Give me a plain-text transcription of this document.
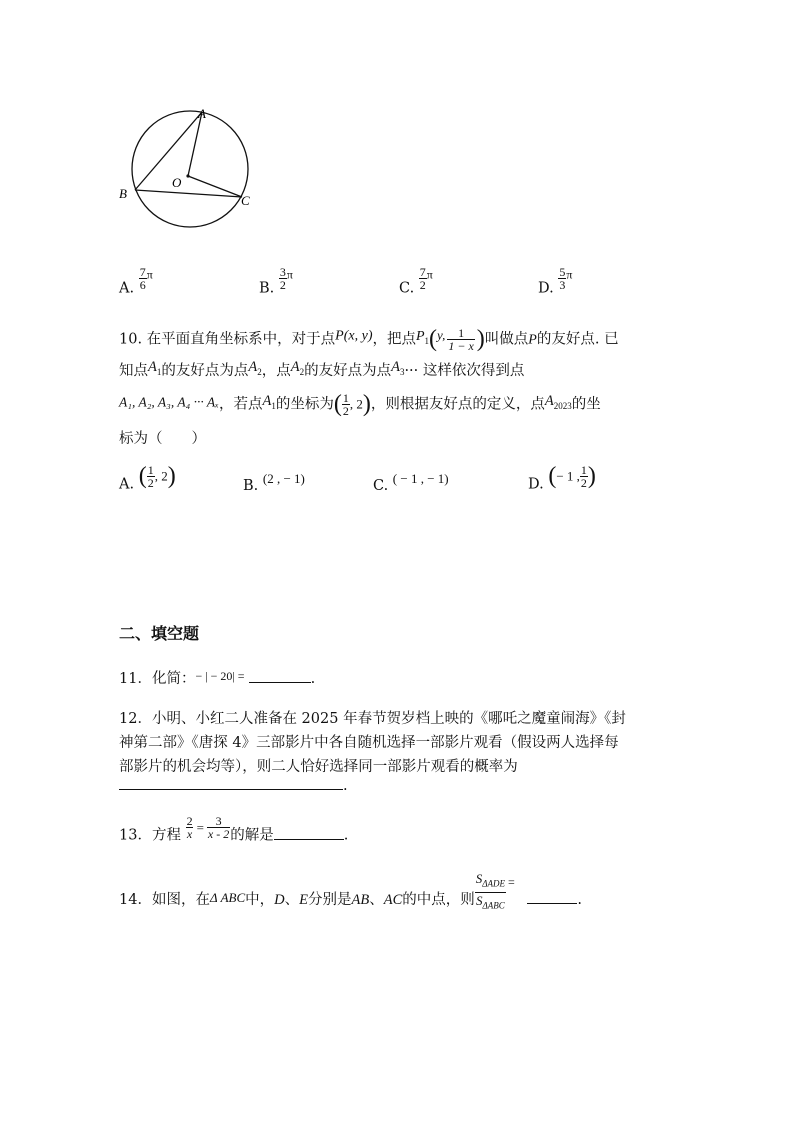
A
O
B	C
A. $\frac{7}{6} ^\pi$
B. $\frac{3}{2} ^\pi$
C. $\frac{7}{2} ^\pi$
D. $\frac{5}{3} ^\pi$
10. 在平面直角坐标系中，对于点P(x, y)，把点$P_1(y$, $\frac{1}{1 - x}$ )叫做点P的友好点. 已
知点$A_1$的友好点为点$A_2$，点$A_2$的友好点为点$A_3\cdot\cdot\cdot$ 这样依次得到点
A₁, A₂, A₃, A₄ ··· Aₓ，若点$A_1$的坐标为( $\frac{1}{2}$ , 2)，则根据友好点的定义，点$A_{2023}$的坐
标为（　　）
A. ( $\frac{1}{2}$ , 2)	B. (2 , − 1)	C. ( − 1 , − 1)	D. (− 1 , $\frac{1}{2}$ )
二、填空题
11．化简：$^{- | - 20| =}$	.
12．小明、小红二人准备在 2025 年春节贺岁档上映的《哪吒之魔童闹海》《封
神第二部》《唐探 4》三部影片中各自随机选择一部影片观看（假设两人选择每
部影片的机会均等），则二人恰好选择同一部影片观看的概率为
.
13．方程 $\frac{2}{x} = \frac{3}{x - 2}$ 的解是	.
14．如图，在Δ ABC中，D、E分别是AB、AC的中点，则 $\frac{S_{\Delta ADE}}{S_{\Delta ABC}} ^=$ .
